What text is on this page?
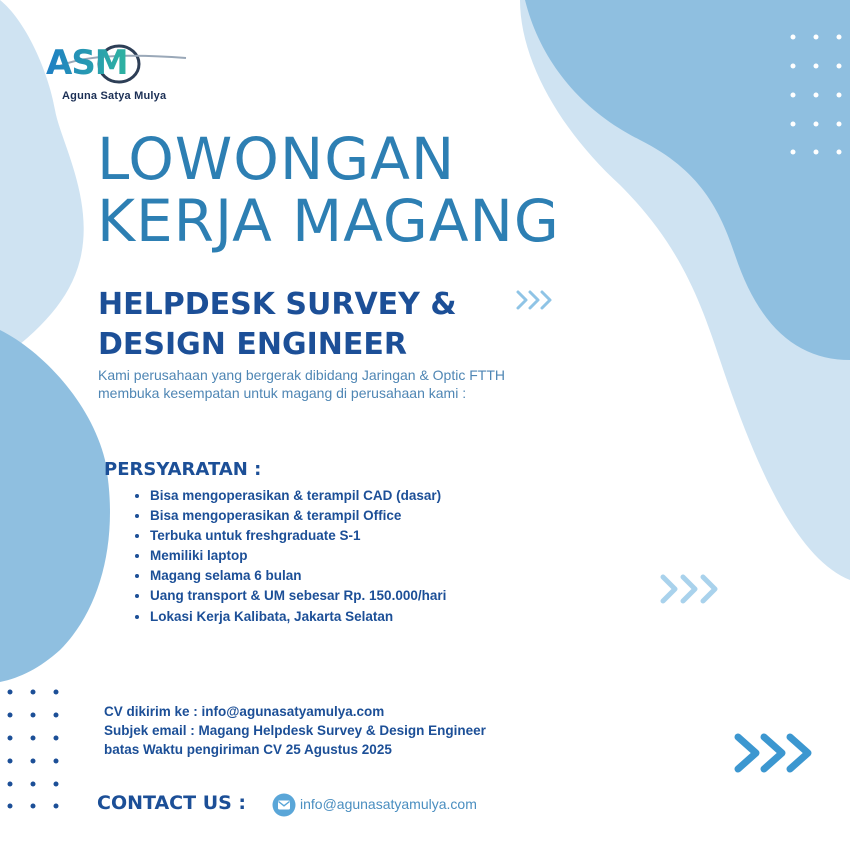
ASM
Aguna Satya Mulya
LOWONGAN
KERJA MAGANG
HELPDESK SURVEY &
DESIGN ENGINEER

Kami perusahaan yang bergerak dibidang Jaringan & Optic FTTH membuka kesempatan untuk magang di perusahaan kami :

PERSYARATAN :
• Bisa mengoperasikan & terampil CAD (dasar)
• Bisa mengoperasikan & terampil Office
• Terbuka untuk freshgraduate S-1
• Memiliki laptop
• Magang selama 6 bulan
• Uang transport & UM sebesar Rp. 150.000/hari
• Lokasi Kerja Kalibata, Jakarta Selatan
CV dikirim ke : info@agunasatyamulya.com
Subjek email : Magang Helpdesk Survey & Design Engineer
batas Waktu pengiriman CV 25 Agustus 2025
CONTACT US :	info@agunasatyamulya.com
